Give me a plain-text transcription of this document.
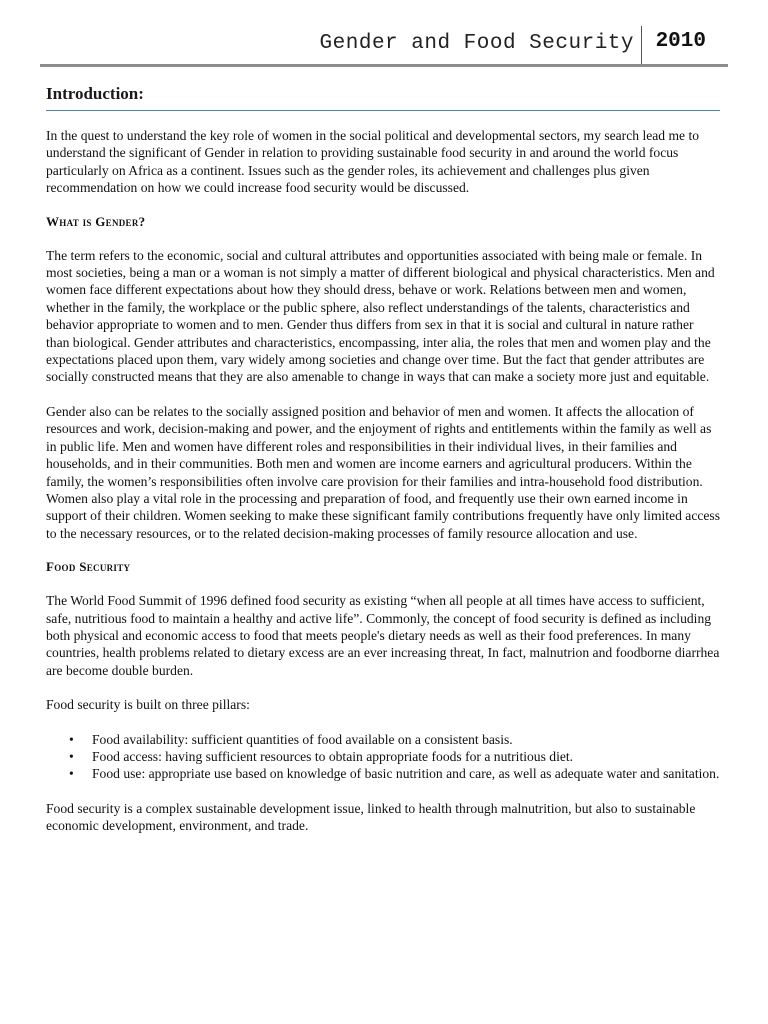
Gender and Food Security 2010
Introduction:

In the quest to understand the key role of women in the social political and developmental sectors, my search lead me to understand the significant of Gender in relation to providing sustainable food security in and around the world focus particularly on Africa as a continent. Issues such as the gender roles, its achievement and challenges plus given recommendation on how we could increase food security would be discussed.

What is Gender?

The term refers to the economic, social and cultural attributes and opportunities associated with being male or female. In most societies, being a man or a woman is not simply a matter of different biological and physical characteristics. Men and women face different expectations about how they should dress, behave or work. Relations between men and women, whether in the family, the workplace or the public sphere, also reflect understandings of the talents, characteristics and behavior appropriate to women and to men. Gender thus differs from sex in that it is social and cultural in nature rather than biological. Gender attributes and characteristics, encompassing, inter alia, the roles that men and women play and the expectations placed upon them, vary widely among societies and change over time. But the fact that gender attributes are socially constructed means that they are also amenable to change in ways that can make a society more just and equitable.

Gender also can be relates to the socially assigned position and behavior of men and women. It affects the allocation of resources and work, decision-making and power, and the enjoyment of rights and entitlements within the family as well as in public life. Men and women have different roles and responsibilities in their individual lives, in their families and households, and in their communities. Both men and women are income earners and agricultural producers. Within the family, the women’s responsibilities often involve care provision for their families and intra-household food distribution. Women also play a vital role in the processing and preparation of food, and frequently use their own earned income in support of their children. Women seeking to make these significant family contributions frequently have only limited access to the necessary resources, or to the related decision-making processes of family resource allocation and use.

Food Security

The World Food Summit of 1996 defined food security as existing “when all people at all times have access to sufficient, safe, nutritious food to maintain a healthy and active life”. Commonly, the concept of food security is defined as including both physical and economic access to food that meets people's dietary needs as well as their food preferences. In many countries, health problems related to dietary excess are an ever increasing threat, In fact, malnutrion and foodborne diarrhea are become double burden.

Food security is built on three pillars:

• Food availability: sufficient quantities of food available on a consistent basis.
• Food access: having sufficient resources to obtain appropriate foods for a nutritious diet.
• Food use: appropriate use based on knowledge of basic nutrition and care, as well as adequate water and sanitation.

Food security is a complex sustainable development issue, linked to health through malnutrition, but also to sustainable economic development, environment, and trade.
